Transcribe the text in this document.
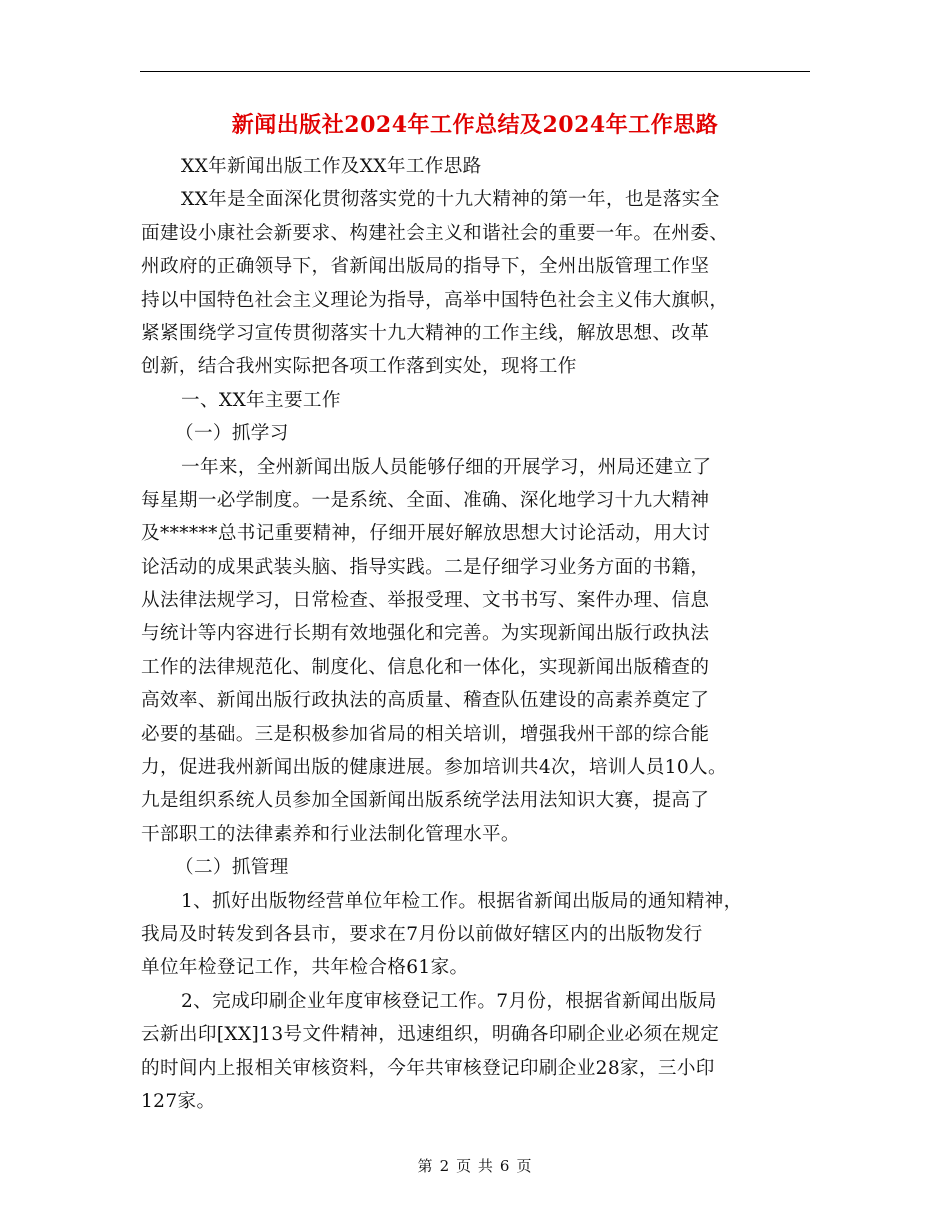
新闻出版社2024年工作总结及2024年工作思路
XX年新闻出版工作及XX年工作思路
XX年是全面深化贯彻落实党的十九大精神的第一年，也是落实全
面建设小康社会新要求、构建社会主义和谐社会的重要一年。在州委、
州政府的正确领导下，省新闻出版局的指导下，全州出版管理工作坚
持以中国特色社会主义理论为指导，高举中国特色社会主义伟大旗帜，
紧紧围绕学习宣传贯彻落实十九大精神的工作主线，解放思想、改革
创新，结合我州实际把各项工作落到实处，现将工作
一、XX年主要工作
（一）抓学习
一年来，全州新闻出版人员能够仔细的开展学习，州局还建立了
每星期一必学制度。一是系统、全面、准确、深化地学习十九大精神
及******总书记重要精神，仔细开展好解放思想大讨论活动，用大讨
论活动的成果武装头脑、指导实践。二是仔细学习业务方面的书籍，
从法律法规学习，日常检查、举报受理、文书书写、案件办理、信息
与统计等内容进行长期有效地强化和完善。为实现新闻出版行政执法
工作的法律规范化、制度化、信息化和一体化，实现新闻出版稽查的
高效率、新闻出版行政执法的高质量、稽查队伍建设的高素养奠定了
必要的基础。三是积极参加省局的相关培训，增强我州干部的综合能
力，促进我州新闻出版的健康进展。参加培训共4次，培训人员10人。
九是组织系统人员参加全国新闻出版系统学法用法知识大赛，提高了
干部职工的法律素养和行业法制化管理水平。
（二）抓管理
1、抓好出版物经营单位年检工作。根据省新闻出版局的通知精神，
我局及时转发到各县市，要求在7月份以前做好辖区内的出版物发行
单位年检登记工作，共年检合格61家。
2、完成印刷企业年度审核登记工作。7月份，根据省新闻出版局
云新出印[XX]13号文件精神，迅速组织，明确各印刷企业必须在规定
的时间内上报相关审核资料，今年共审核登记印刷企业28家，三小印
127家。
第 2 页 共 6 页
